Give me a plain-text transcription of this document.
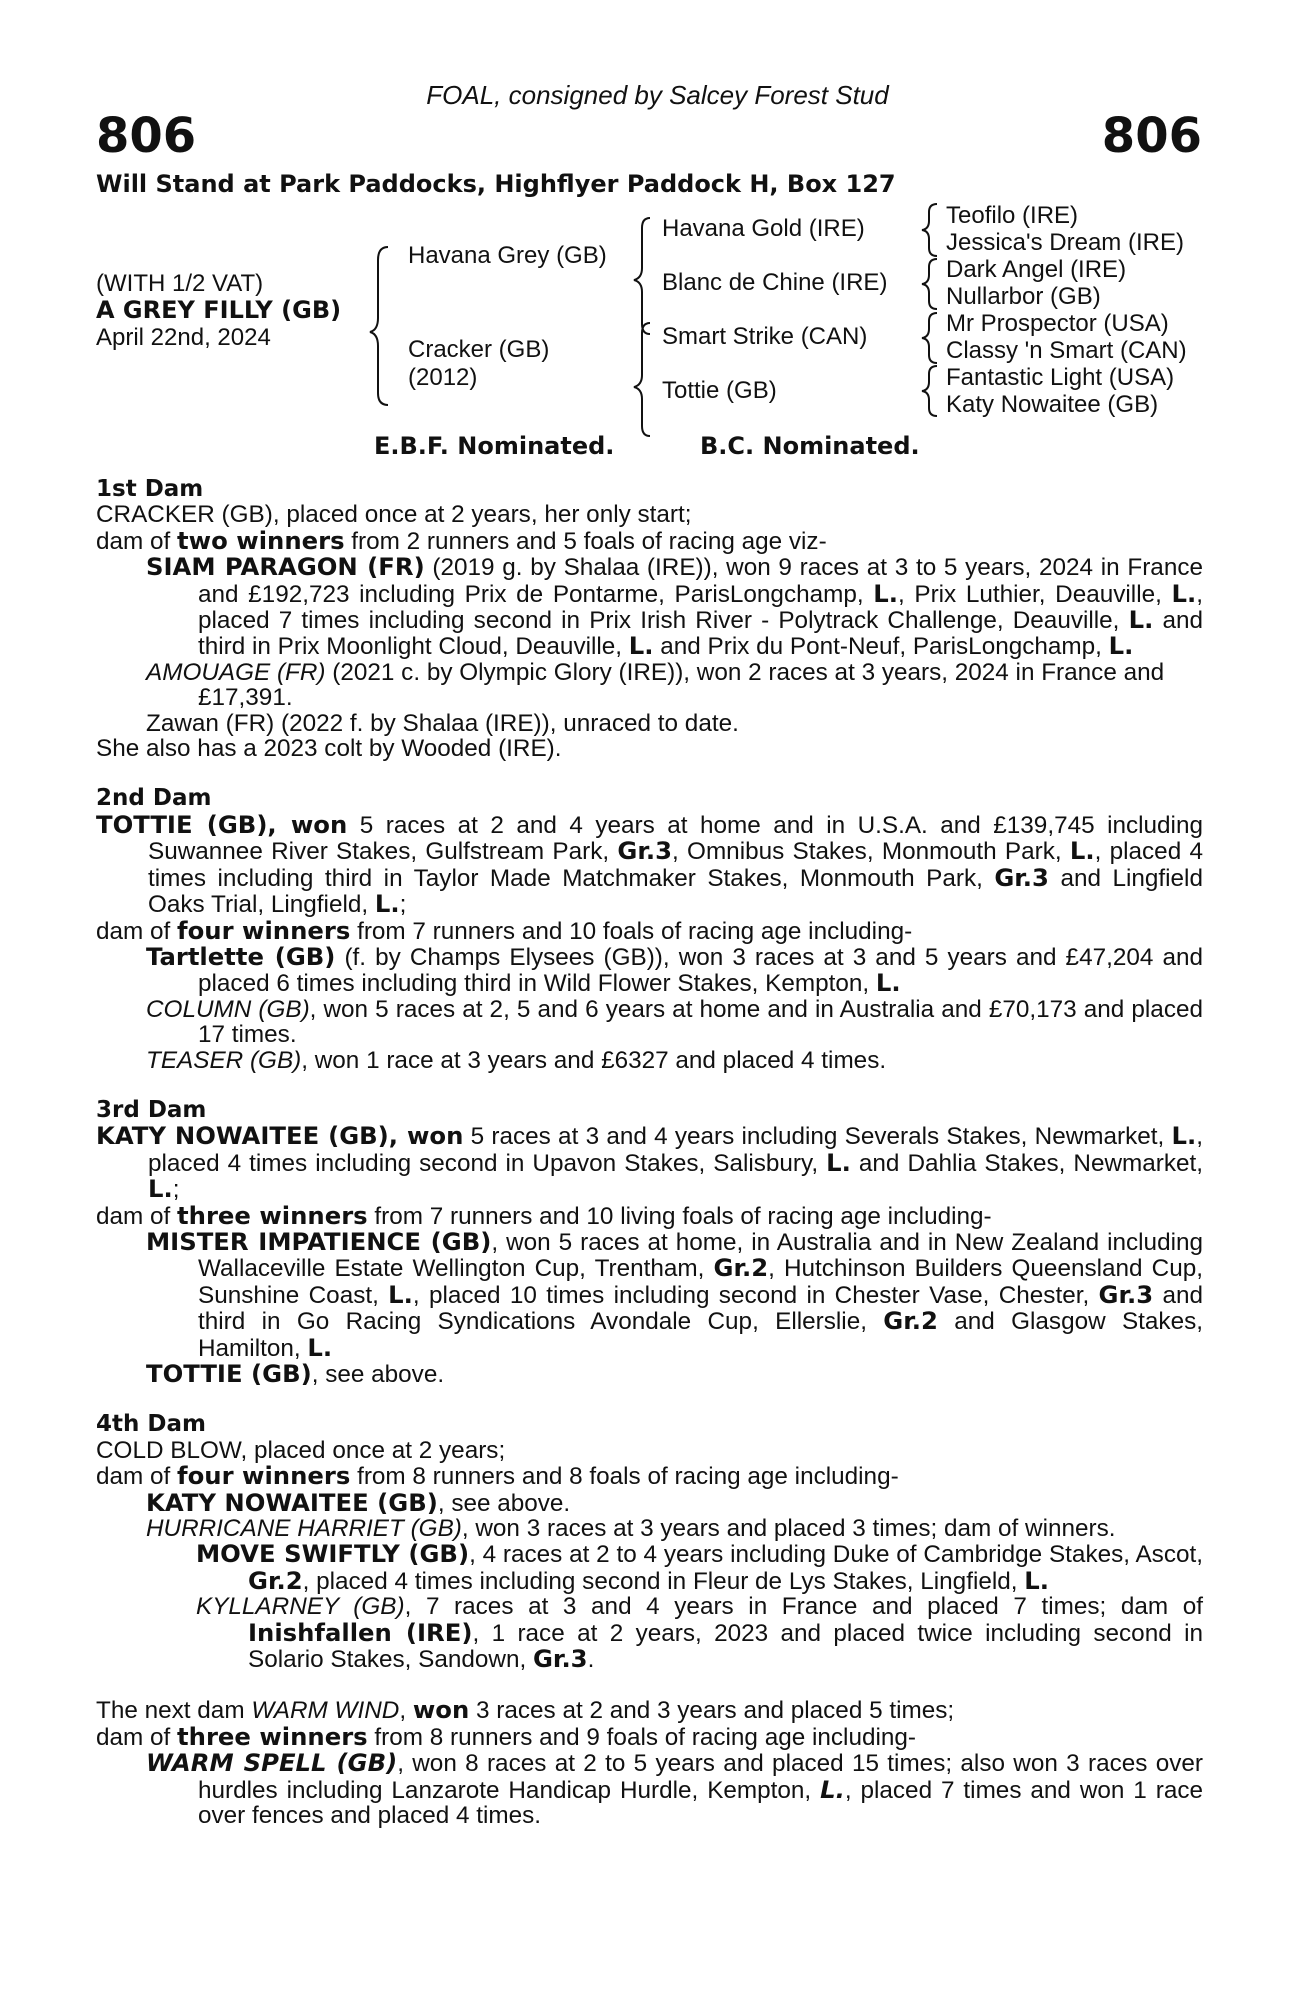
FOAL, consigned by Salcey Forest Stud
806	806
Will Stand at Park Paddocks, Highflyer Paddock H, Box 127
(WITH 1/2 VAT)
A GREY FILLY (GB)
April 22nd, 2024
Havana Grey (GB)
Cracker (GB)
(2012)
Havana Gold (IRE)
Blanc de Chine (IRE)
Smart Strike (CAN)
Tottie (GB)
Teofilo (IRE)
Jessica's Dream (IRE)
Dark Angel (IRE)
Nullarbor (GB)
Mr Prospector (USA)
Classy 'n Smart (CAN)
Fantastic Light (USA)
Katy Nowaitee (GB)
E.B.F. Nominated.	B.C. Nominated.
1st Dam
CRACKER (GB), placed once at 2 years, her only start;
dam of two winners from 2 runners and 5 foals of racing age viz-
SIAM PARAGON (FR) (2019 g. by Shalaa (IRE)), won 9 races at 3 to 5 years, 2024 in France and £192,723 including Prix de Pontarme, ParisLongchamp, L., Prix Luthier, Deauville, L., placed 7 times including second in Prix Irish River - Polytrack Challenge, Deauville, L. and third in Prix Moonlight Cloud, Deauville, L. and Prix du Pont-Neuf, ParisLongchamp, L.
AMOUAGE (FR) (2021 c. by Olympic Glory (IRE)), won 2 races at 3 years, 2024 in France and £17,391.
Zawan (FR) (2022 f. by Shalaa (IRE)), unraced to date.
She also has a 2023 colt by Wooded (IRE).
2nd Dam
TOTTIE (GB), won 5 races at 2 and 4 years at home and in U.S.A. and £139,745 including Suwannee River Stakes, Gulfstream Park, Gr.3, Omnibus Stakes, Monmouth Park, L., placed 4 times including third in Taylor Made Matchmaker Stakes, Monmouth Park, Gr.3 and Lingfield Oaks Trial, Lingfield, L.;
dam of four winners from 7 runners and 10 foals of racing age including-
Tartlette (GB) (f. by Champs Elysees (GB)), won 3 races at 3 and 5 years and £47,204 and placed 6 times including third in Wild Flower Stakes, Kempton, L.
COLUMN (GB), won 5 races at 2, 5 and 6 years at home and in Australia and £70,173 and placed 17 times.
TEASER (GB), won 1 race at 3 years and £6327 and placed 4 times.
3rd Dam
KATY NOWAITEE (GB), won 5 races at 3 and 4 years including Severals Stakes, Newmarket, L., placed 4 times including second in Upavon Stakes, Salisbury, L. and Dahlia Stakes, Newmarket, L.;
dam of three winners from 7 runners and 10 living foals of racing age including-
MISTER IMPATIENCE (GB), won 5 races at home, in Australia and in New Zealand including Wallaceville Estate Wellington Cup, Trentham, Gr.2, Hutchinson Builders Queensland Cup, Sunshine Coast, L., placed 10 times including second in Chester Vase, Chester, Gr.3 and third in Go Racing Syndications Avondale Cup, Ellerslie, Gr.2 and Glasgow Stakes, Hamilton, L.
TOTTIE (GB), see above.
4th Dam
COLD BLOW, placed once at 2 years;
dam of four winners from 8 runners and 8 foals of racing age including-
KATY NOWAITEE (GB), see above.
HURRICANE HARRIET (GB), won 3 races at 3 years and placed 3 times; dam of winners.
MOVE SWIFTLY (GB), 4 races at 2 to 4 years including Duke of Cambridge Stakes, Ascot, Gr.2, placed 4 times including second in Fleur de Lys Stakes, Lingfield, L.
KYLLARNEY (GB), 7 races at 3 and 4 years in France and placed 7 times; dam of Inishfallen (IRE), 1 race at 2 years, 2023 and placed twice including second in Solario Stakes, Sandown, Gr.3.
The next dam WARM WIND, won 3 races at 2 and 3 years and placed 5 times;
dam of three winners from 8 runners and 9 foals of racing age including-
WARM SPELL (GB), won 8 races at 2 to 5 years and placed 15 times; also won 3 races over hurdles including Lanzarote Handicap Hurdle, Kempton, L., placed 7 times and won 1 race over fences and placed 4 times.
